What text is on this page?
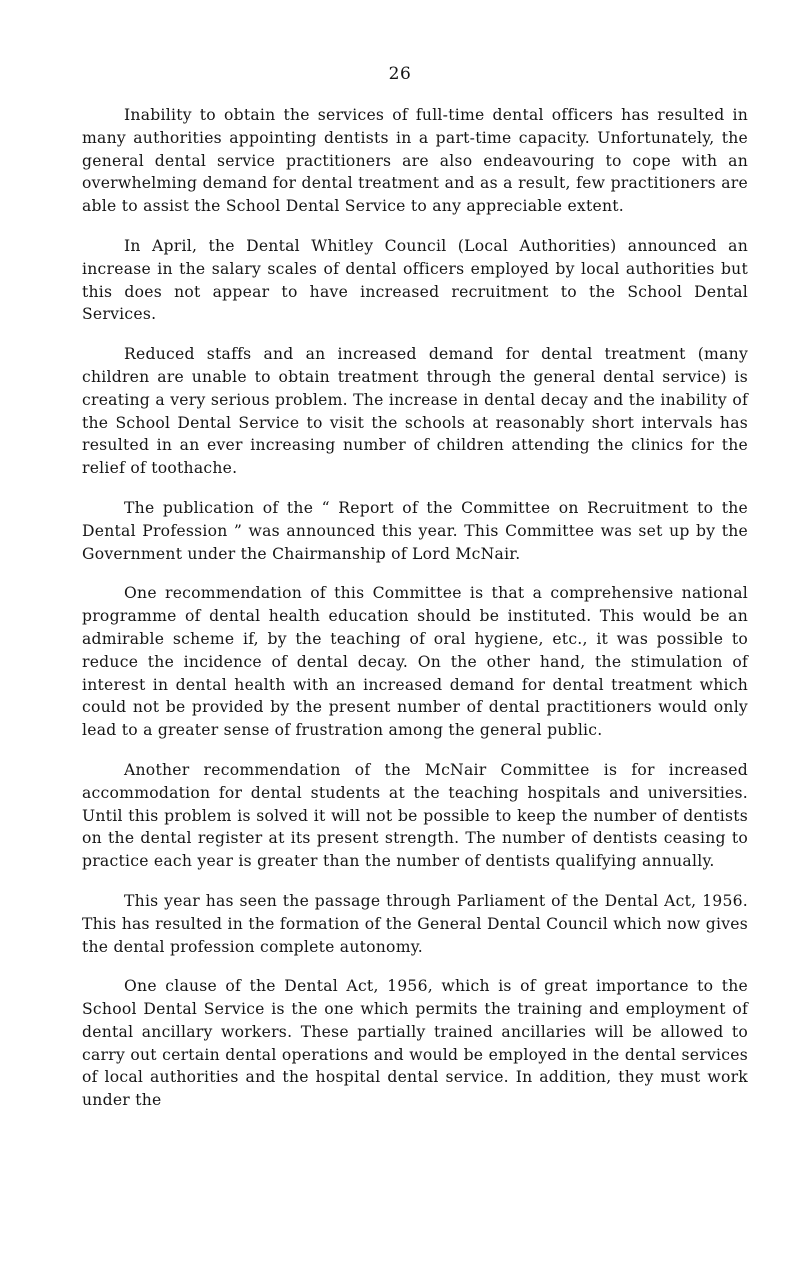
26

Inability to obtain the services of full-time dental officers has resulted in many authorities appointing dentists in a part-time capacity. Unfortunately, the general dental service practitioners are also endeavouring to cope with an overwhelming demand for dental treatment and as a result, few practitioners are able to assist the School Dental Service to any appreciable extent.

In April, the Dental Whitley Council (Local Authorities) announced an increase in the salary scales of dental officers employed by local authorities but this does not appear to have increased recruitment to the School Dental Services.

Reduced staffs and an increased demand for dental treatment (many children are unable to obtain treatment through the general dental service) is creating a very serious problem. The increase in dental decay and the inability of the School Dental Service to visit the schools at reasonably short intervals has resulted in an ever increasing number of children attending the clinics for the relief of toothache.

The publication of the “ Report of the Committee on Recruitment to the Dental Profession ” was announced this year. This Committee was set up by the Government under the Chairmanship of Lord McNair.

One recommendation of this Committee is that a comprehensive national programme of dental health education should be instituted. This would be an admirable scheme if, by the teaching of oral hygiene, etc., it was possible to reduce the incidence of dental decay. On the other hand, the stimulation of interest in dental health with an increased demand for dental treatment which could not be provided by the present number of dental practitioners would only lead to a greater sense of frustration among the general public.

Another recommendation of the McNair Committee is for increased accommodation for dental students at the teaching hospitals and universities. Until this problem is solved it will not be possible to keep the number of dentists on the dental register at its present strength. The number of dentists ceasing to practice each year is greater than the number of dentists qualifying annually.

This year has seen the passage through Parliament of the Dental Act, 1956. This has resulted in the formation of the General Dental Council which now gives the dental profession complete autonomy.

One clause of the Dental Act, 1956, which is of great importance to the School Dental Service is the one which permits the training and employment of dental ancillary workers. These partially trained ancillaries will be allowed to carry out certain dental operations and would be employed in the dental services of local authorities and the hospital dental service. In addition, they must work under the
